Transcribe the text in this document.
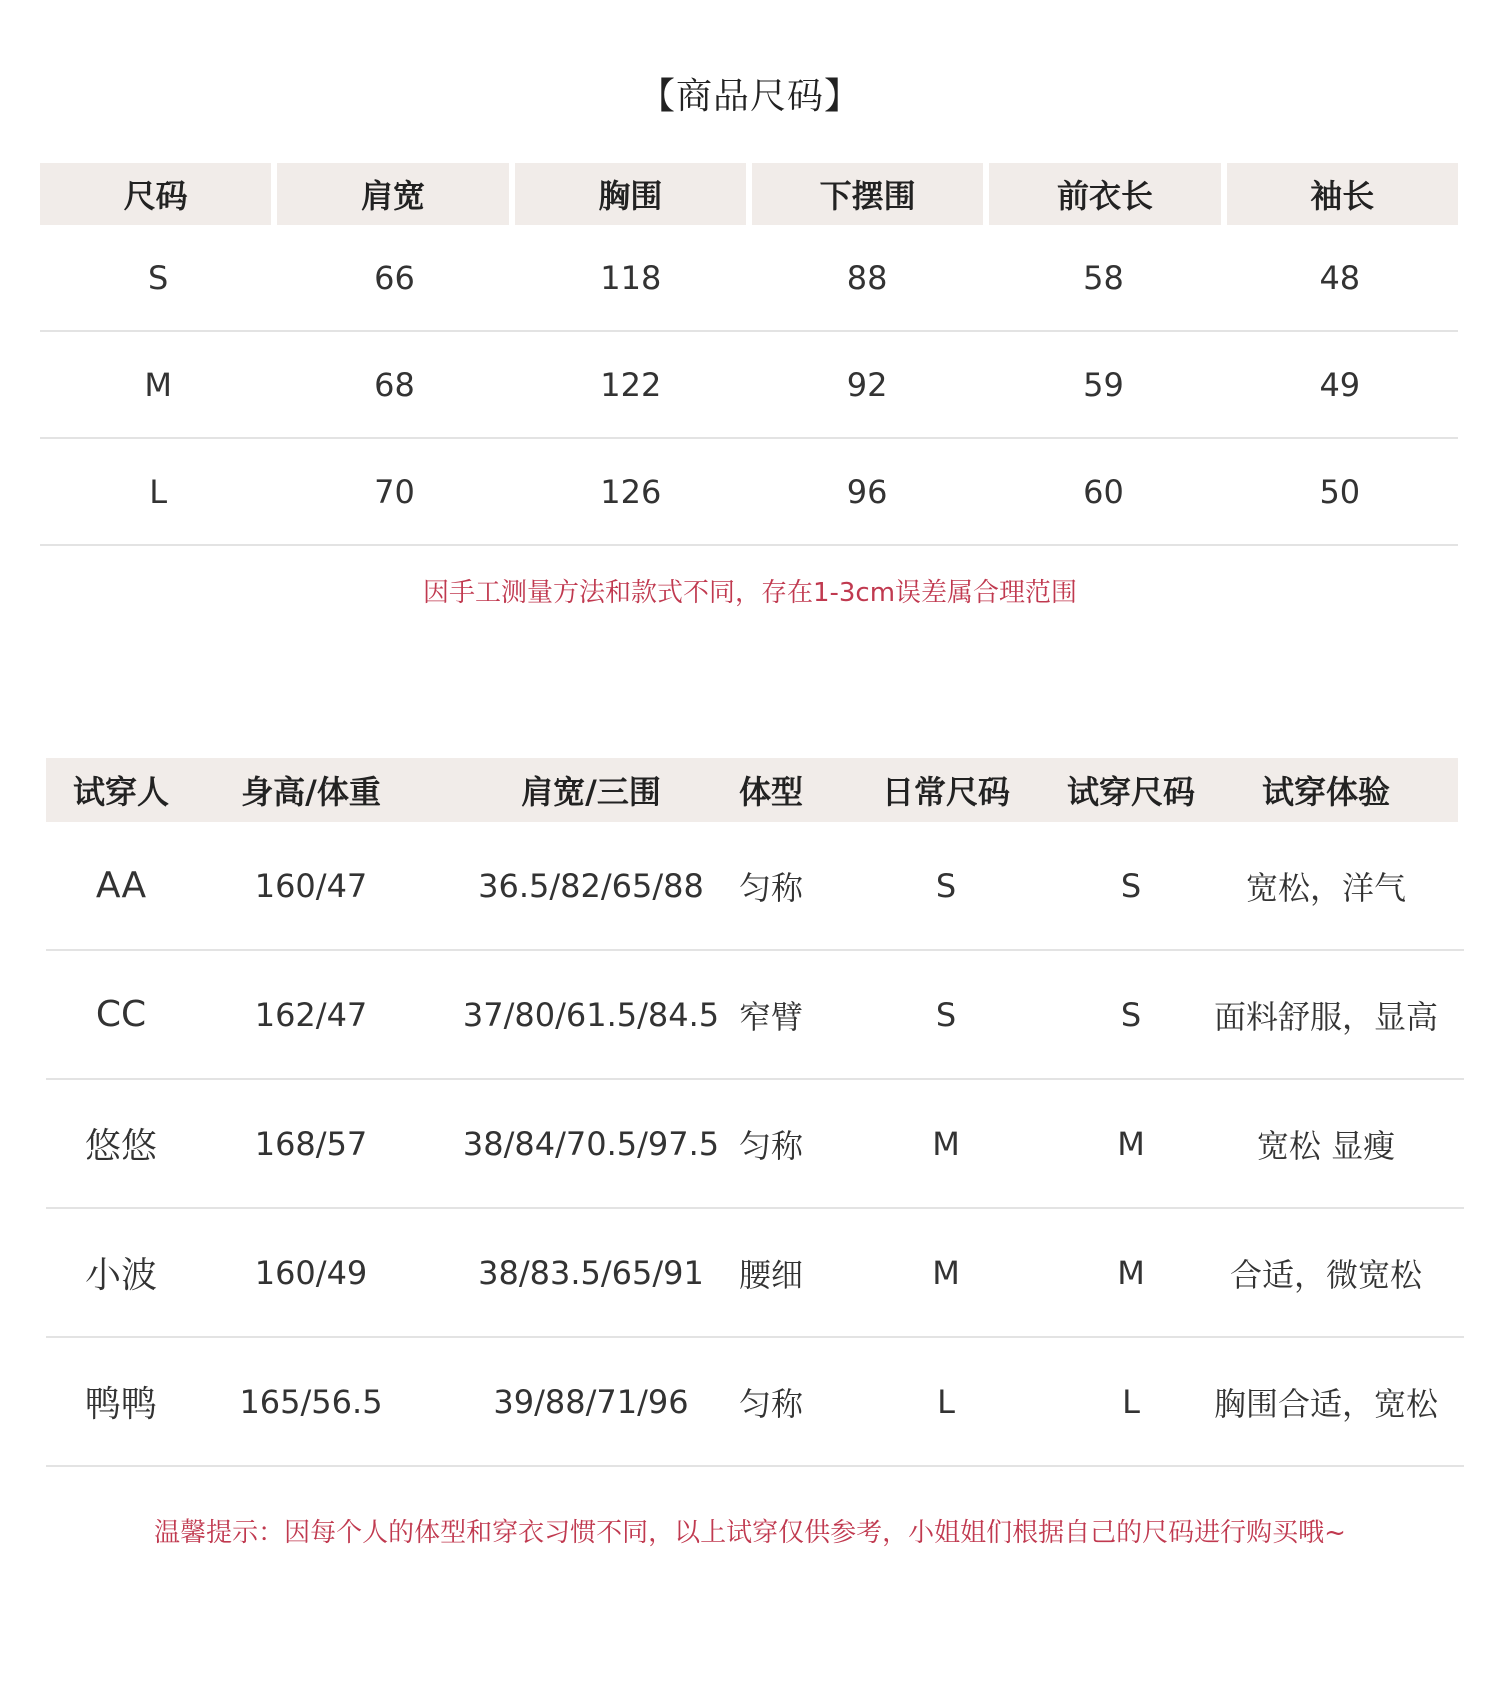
【商品尺码】
尺码	肩宽	胸围	下摆围	前衣长	袖长
S	66	118	88	58	48
M	68	122	92	59	49
L	70	126	96	60	50
因手工测量方法和款式不同，存在1-3cm误差属合理范围
试穿人	身高/体重	肩宽/三围	体型	日常尺码	试穿尺码	试穿体验
AA	160/47	36.5/82/65/88	匀称	S	S	宽松，洋气
CC	162/47	37/80/61.5/84.5 窄臂	S	S	面料舒服，显高
悠悠	168/57	38/84/70.5/97.5 匀称	M	M	宽松 显瘦
小波	160/49	38/83.5/65/91	腰细	M	M	合适，微宽松
鸭鸭	165/56.5	39/88/71/96	匀称	L	L	胸围合适，宽松
温馨提示：因每个人的体型和穿衣习惯不同，以上试穿仅供参考，小姐姐们根据自己的尺码进行购买哦~
